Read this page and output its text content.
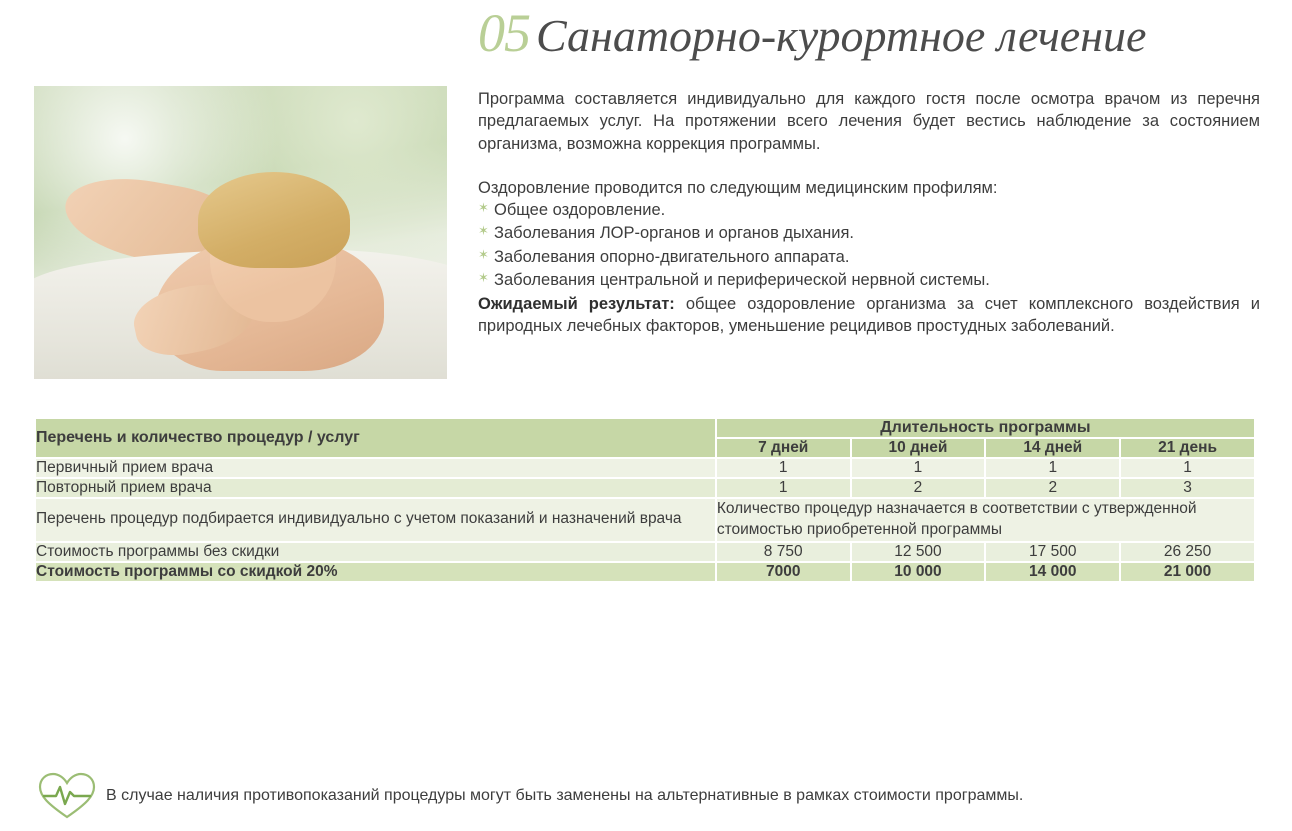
05 Санаторно-курортное лечение

Программа составляется индивидуально для каждого гостя после осмотра врачом из перечня предлагаемых услуг. На протяжении всего лечения будет вестись наблюдение за состоянием организма, возможна коррекция программы.

Оздоровление проводится по следующим медицинским профилям:

✶ Общее оздоровление.
✶ Заболевания ЛОР-органов и органов дыхания.
✶ Заболевания опорно-двигательного аппарата.
✶ Заболевания центральной и периферической нервной системы.

Ожидаемый результат: общее оздоровление организма за счет комплексного воздействия и природных лечебных факторов, уменьшение рецидивов простудных заболеваний.

Перечень и количество процедур / услуг	Длительность программы			
	7 дней	10 дней	14 дней	21 день
Первичный прием врача	1	1	1	1
Повторный прием врача	1	2	2	3
Перечень процедур подбирается индивидуально с учетом показаний и назначений врача	Количество процедур назначается в соответствии с утвержденной стоимостью приобретенной программы			
Стоимость программы без скидки	8 750	12 500	17 500	26 250
Стоимость программы со скидкой 20%	7000	10 000	14 000	21 000
В случае наличия противопоказаний процедуры могут быть заменены на альтернативные в рамках стоимости программы.
